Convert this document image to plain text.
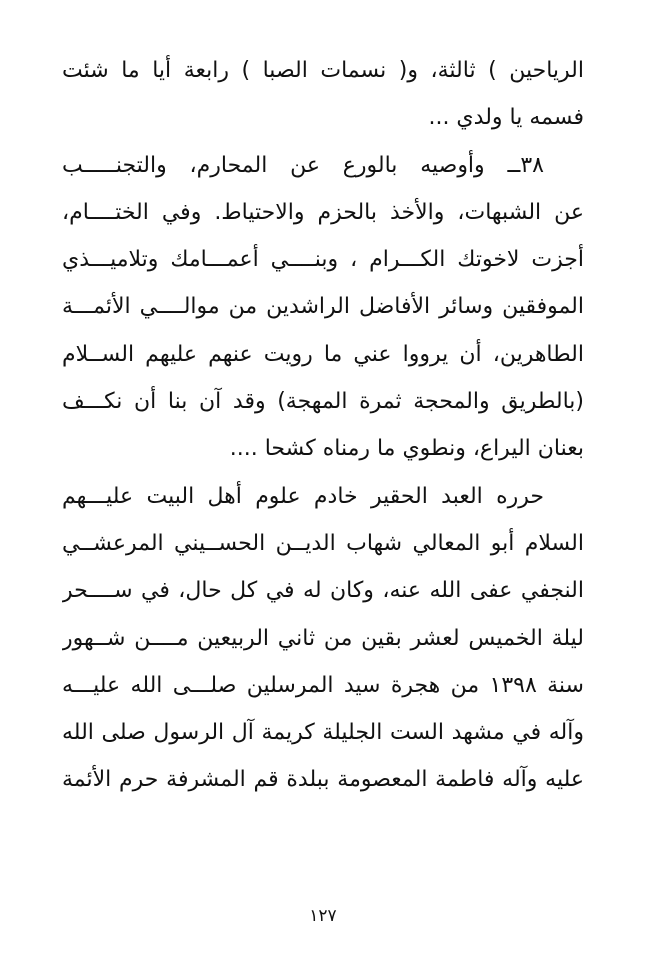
الرياحين ) ثالثة، و( نسمات الصبا ) رابعة أيا ما شئت
فسمه يا ولدي ...
٣٨ــ وأوصيه بالورع عن المحارم، والتجنـــــب
عن الشبهات، والأخذ بالحزم والاحتياط. وفي الختــــام،
أجزت لاخوتك الكـــرام ، وبنــــي أعمـــامك وتلاميـــذي
الموفقين وسائر الأفاضل الراشدين من موالــــي الأئمـــة
الطاهرين، أن يرووا عني ما رويت عنهم عليهم الســلام
(بالطريق والمحجة ثمرة المهجة) وقد آن بنا أن نكـــف
بعنان اليراع، ونطوي ما رمناه كشحا ....
حرره العبد الحقير خادم علوم أهل البيت عليـــهم
السلام أبو المعالي شهاب الديــن الحســيني المرعشــي
النجفي عفى الله عنه، وكان له في كل حال، في ســــحر
ليلة الخميس لعشر بقين من ثاني الربيعين مــــن شــهور
سنة ١٣٩٨ من هجرة سيد المرسلين صلـــى الله عليـــه
وآله في مشهد الست الجليلة كريمة آل الرسول صلى الله
عليه وآله فاطمة المعصومة ببلدة قم المشرفة حرم الأئمة
١٢٧
